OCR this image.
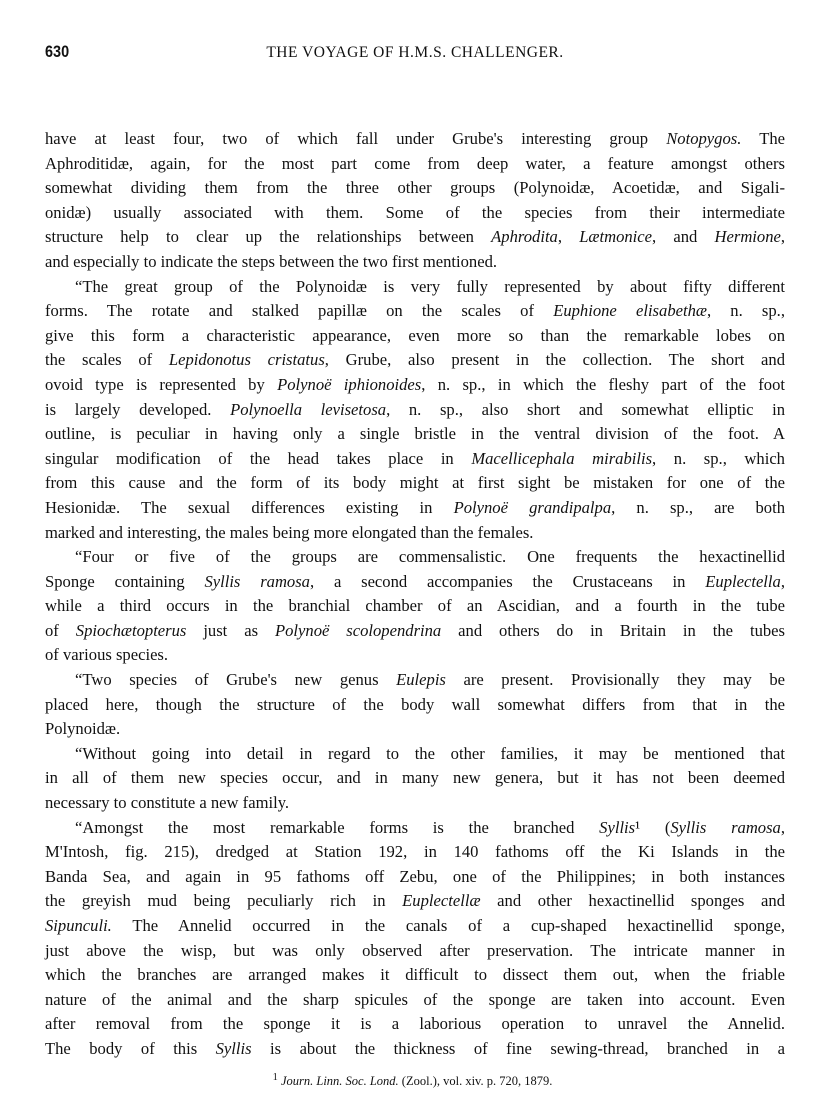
630	THE VOYAGE OF H.M.S. CHALLENGER.
have at least four, two of which fall under Grube's interesting group Notopygos. The
Aphroditidæ, again, for the most part come from deep water, a feature amongst others
somewhat dividing them from the three other groups (Polynoidæ, Acoetidæ, and Sigali-
onidæ) usually associated with them. Some of the species from their intermediate
structure help to clear up the relationships between Aphrodita, Lætmonice, and Hermione,
and especially to indicate the steps between the two first mentioned.
“The great group of the Polynoidæ is very fully represented by about fifty different
forms. The rotate and stalked papillæ on the scales of Euphione elisabethæ, n. sp.,
give this form a characteristic appearance, even more so than the remarkable lobes on
the scales of Lepidonotus cristatus, Grube, also present in the collection. The short and
ovoid type is represented by Polynoë iphionoides, n. sp., in which the fleshy part of the foot
is largely developed. Polynoella levisetosa, n. sp., also short and somewhat elliptic in
outline, is peculiar in having only a single bristle in the ventral division of the foot. A
singular modification of the head takes place in Macellicephala mirabilis, n. sp., which
from this cause and the form of its body might at first sight be mistaken for one of the
Hesionidæ. The sexual differences existing in Polynoë grandipalpa, n. sp., are both
marked and interesting, the males being more elongated than the females.
“Four or five of the groups are commensalistic. One frequents the hexactinellid
Sponge containing Syllis ramosa, a second accompanies the Crustaceans in Euplectella,
while a third occurs in the branchial chamber of an Ascidian, and a fourth in the tube
of Spiochætopterus just as Polynoë scolopendrina and others do in Britain in the tubes
of various species.
“Two species of Grube's new genus Eulepis are present. Provisionally they may be
placed here, though the structure of the body wall somewhat differs from that in the
Polynoidæ.
“Without going into detail in regard to the other families, it may be mentioned that
in all of them new species occur, and in many new genera, but it has not been deemed
necessary to constitute a new family.
“Amongst the most remarkable forms is the branched Syllis¹ (Syllis ramosa,
M'Intosh, fig. 215), dredged at Station 192, in 140 fathoms off the Ki Islands in the
Banda Sea, and again in 95 fathoms off Zebu, one of the Philippines; in both instances
the greyish mud being peculiarly rich in Euplectellæ and other hexactinellid sponges and
Sipunculi. The Annelid occurred in the canals of a cup-shaped hexactinellid sponge,
just above the wisp, but was only observed after preservation. The intricate manner in
which the branches are arranged makes it difficult to dissect them out, when the friable
nature of the animal and the sharp spicules of the sponge are taken into account. Even
after removal from the sponge it is a laborious operation to unravel the Annelid.
The body of this Syllis is about the thickness of fine sewing-thread, branched in a
$^1$ Journ. Linn. Soc. Lond. (Zool.), vol. xiv. p. 720, 1879.
